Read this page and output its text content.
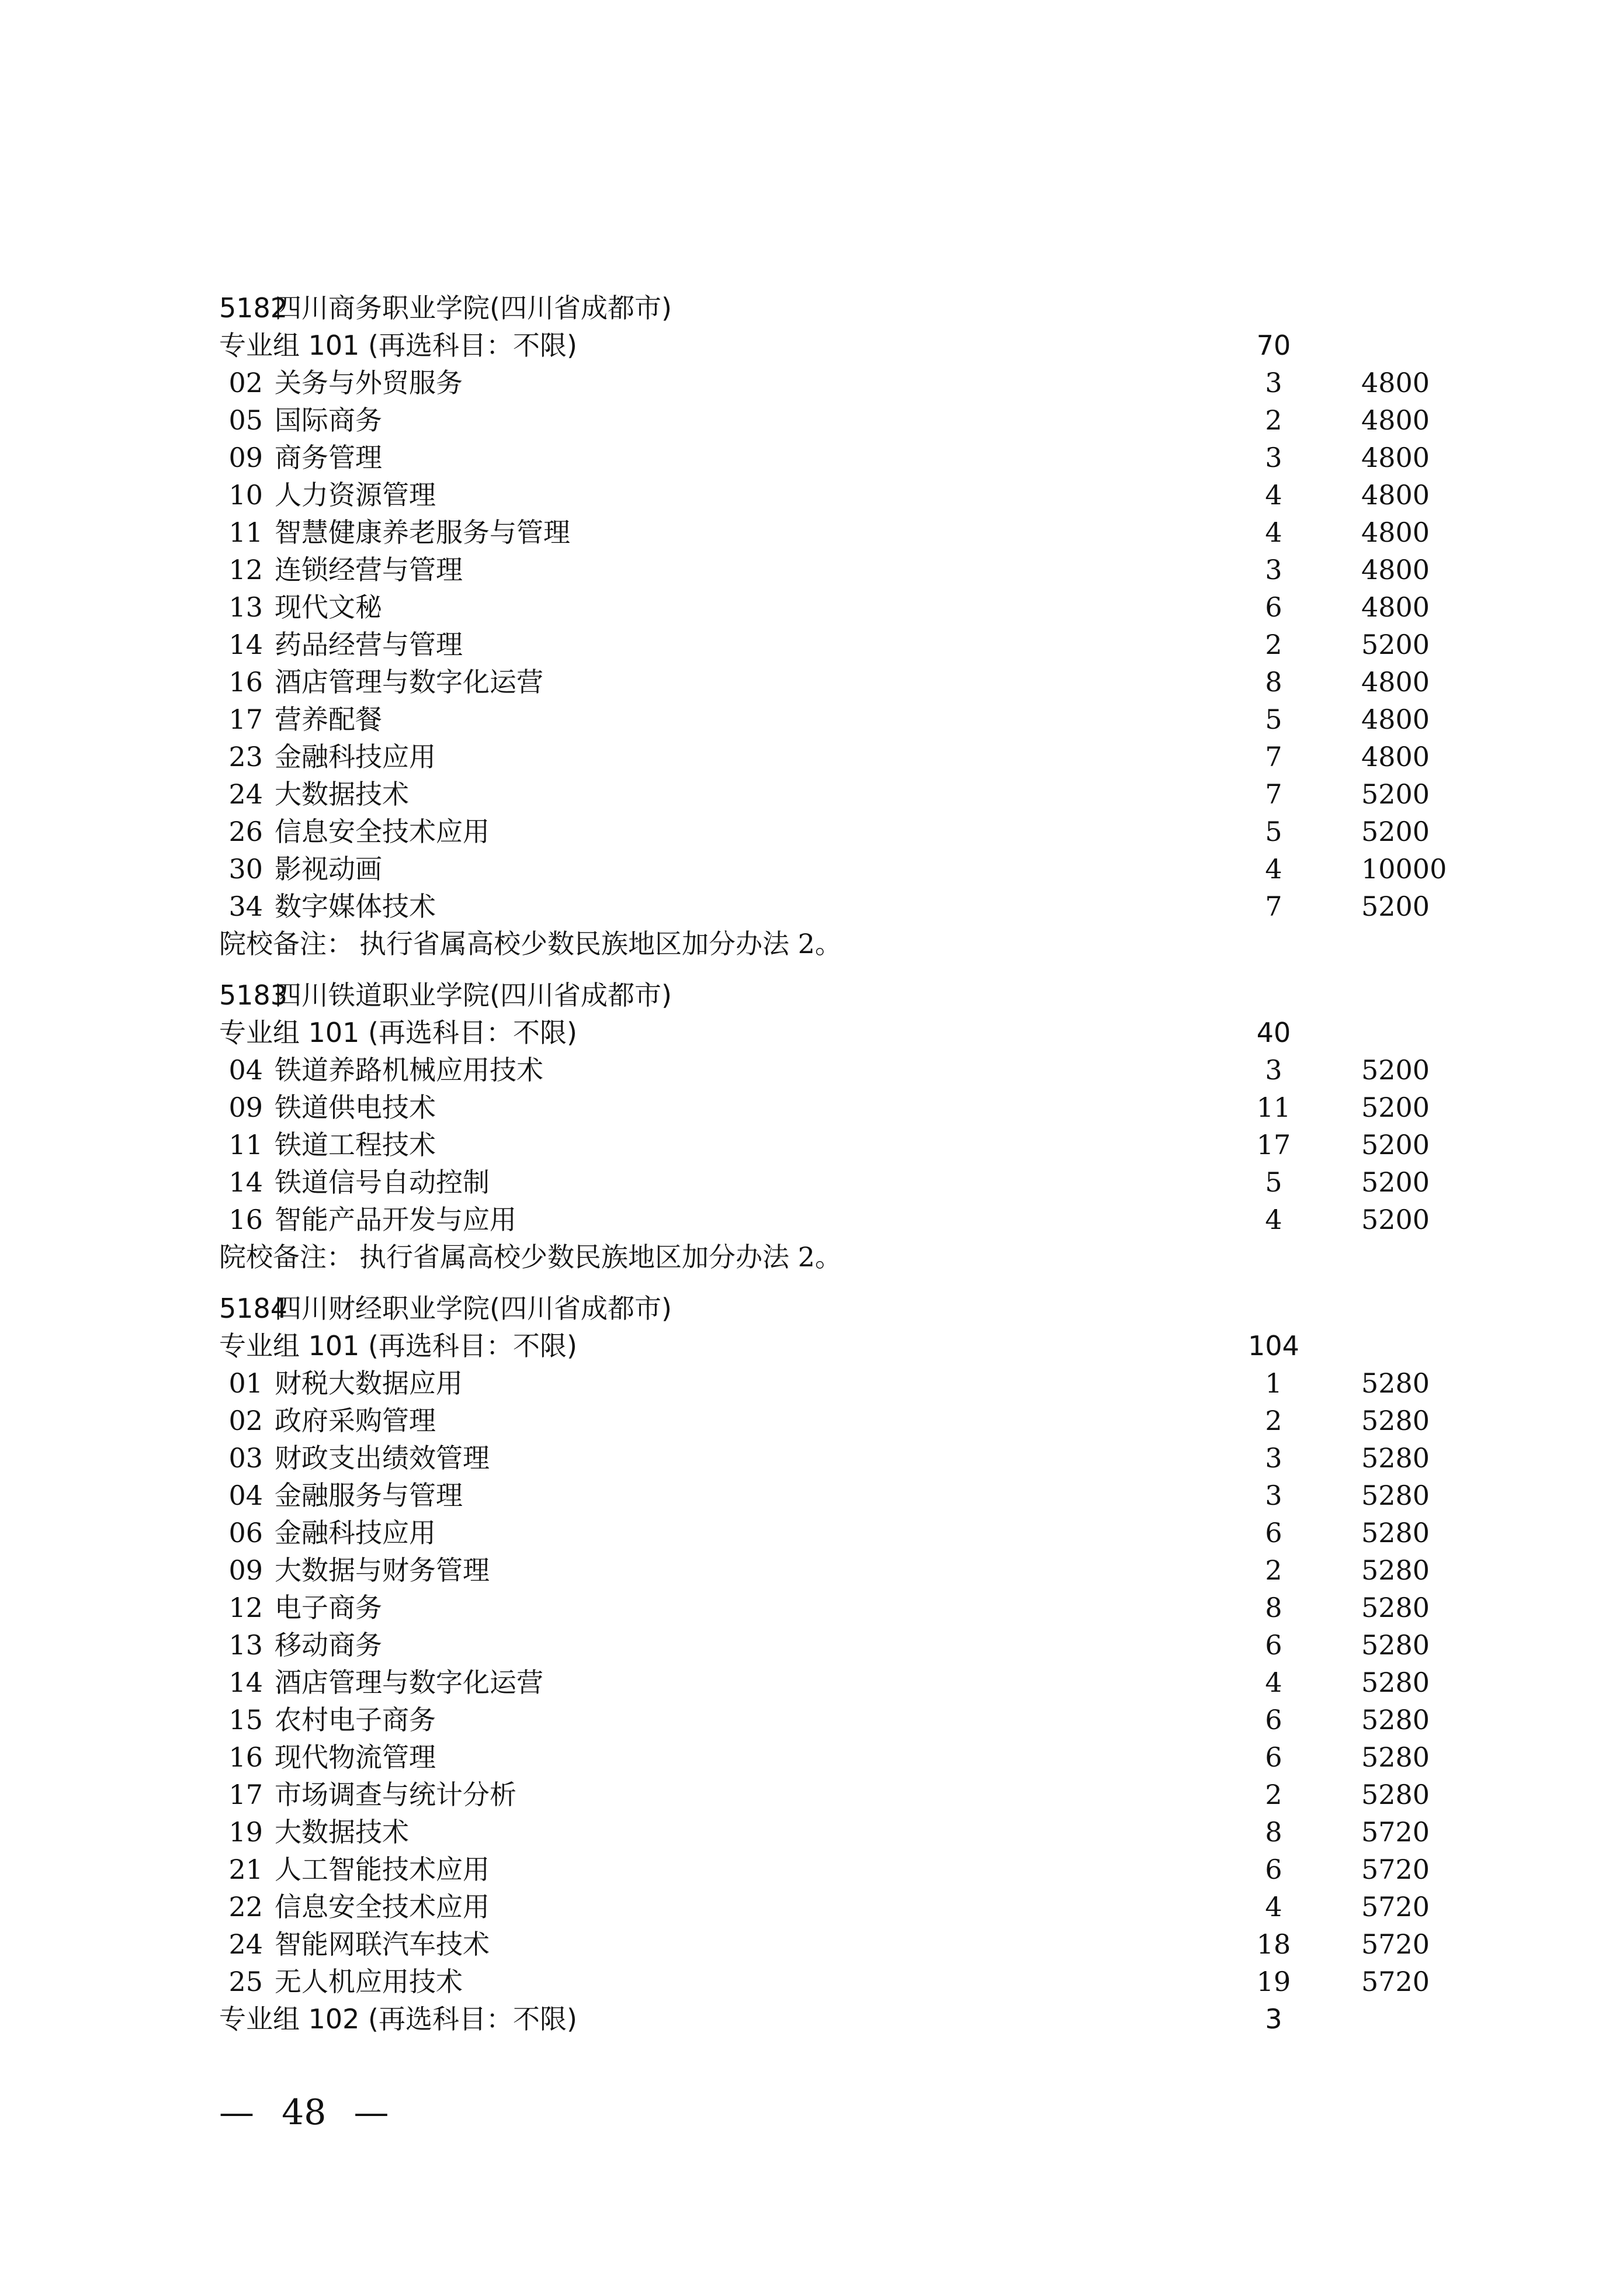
5182
四川商务职业学院(四川省成都市)
专业组 101 (再选科目：不限)	70
02 关务与外贸服务	3	4800
05 国际商务	2	4800
09 商务管理	3	4800
10 人力资源管理	4	4800
11 智慧健康养老服务与管理	4	4800
12 连锁经营与管理	3	4800
13 现代文秘	6	4800
14 药品经营与管理	2	5200
16 酒店管理与数字化运营	8	4800
17 营养配餐	5	4800
23 金融科技应用	7	4800
24 大数据技术	7	5200
26 信息安全技术应用	5	5200
30 影视动画	4	10000
34 数字媒体技术	7	5200
院校备注： 执行省属高校少数民族地区加分办法 2。
5183
四川铁道职业学院(四川省成都市)
专业组 101 (再选科目：不限)	40
04 铁道养路机械应用技术	3	5200
09 铁道供电技术	11	5200
11 铁道工程技术	17	5200
14 铁道信号自动控制	5	5200
16 智能产品开发与应用	4	5200
院校备注： 执行省属高校少数民族地区加分办法 2。
5184
四川财经职业学院(四川省成都市)
专业组 101 (再选科目：不限)	104
01 财税大数据应用	1	5280
02 政府采购管理	2	5280
03 财政支出绩效管理	3	5280
04 金融服务与管理	3	5280
06 金融科技应用	6	5280
09 大数据与财务管理	2	5280
12 电子商务	8	5280
13 移动商务	6	5280
14 酒店管理与数字化运营	4	5280
15 农村电子商务	6	5280
16 现代物流管理	6	5280
17 市场调查与统计分析	2	5280
19 大数据技术	8	5720
21 人工智能技术应用	6	5720
22 信息安全技术应用	4	5720
24 智能网联汽车技术	18	5720
25 无人机应用技术	19	5720
专业组 102 (再选科目：不限)	3
— 48 —
